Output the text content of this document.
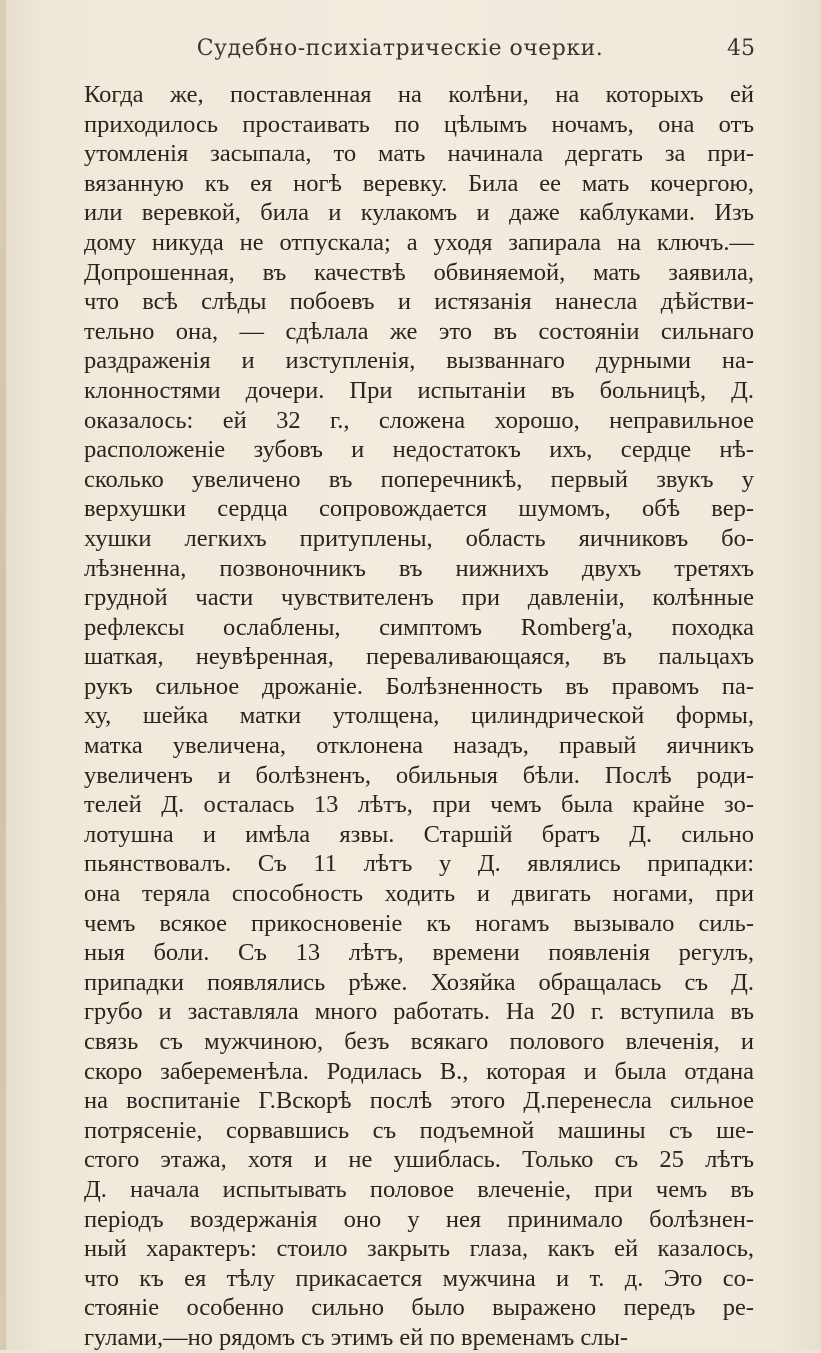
Судебно-психіатрическіе очерки.	45
Когда же, поставленная на колѣни, на которыхъ ей
приходилось простаивать по цѣлымъ ночамъ, она отъ
утомленія засыпала, то мать начинала дергать за при-
вязанную къ ея ногѣ веревку. Била ее мать кочергою,
или веревкой, била и кулакомъ и даже каблуками. Изъ
дому никуда не отпускала; а уходя запирала на ключъ.—
Допрошенная, въ качествѣ обвиняемой, мать заявила,
что всѣ слѣды побоевъ и истязанія нанесла дѣйстви-
тельно она, — сдѣлала же это въ состояніи сильнаго
раздраженія и изступленія, вызваннаго дурными на-
клонностями дочери. При испытаніи въ больницѣ, Д.
оказалось: ей 32 г., сложена хорошо, неправильное
расположеніе зубовъ и недостатокъ ихъ, сердце нѣ-
сколько увеличено въ поперечникѣ, первый звукъ у
верхушки сердца сопровождается шумомъ, обѣ вер-
хушки легкихъ притуплены, область яичниковъ бо-
лѣзненна, позвоночникъ въ нижнихъ двухъ третяхъ
грудной части чувствителенъ при давленіи, колѣнные
рефлексы ослаблены, симптомъ Romberg'а, походка
шаткая, неувѣренная, переваливающаяся, въ пальцахъ
рукъ сильное дрожаніе. Болѣзненность въ правомъ па-
ху, шейка матки утолщена, цилиндрической формы,
матка увеличена, отклонена назадъ, правый яичникъ
увеличенъ и болѣзненъ, обильныя бѣли. Послѣ роди-
телей Д. осталась 13 лѣтъ, при чемъ была крайне зо-
лотушна и имѣла язвы. Старшій братъ Д. сильно
пьянствовалъ. Съ 11 лѣтъ у Д. являлись припадки:
она теряла способность ходить и двигать ногами, при
чемъ всякое прикосновеніе къ ногамъ вызывало силь-
ныя боли. Съ 13 лѣтъ, времени появленія регулъ,
припадки появлялись рѣже. Хозяйка обращалась съ Д.
грубо и заставляла много работать. На 20 г. вступила въ
связь съ мужчиною, безъ всякаго полового влеченія, и
скоро забеременѣла. Родилась В., которая и была отдана
на воспитаніе Г.Вскорѣ послѣ этого Д.перенесла сильное
потрясеніе, сорвавшись съ подъемной машины съ ше-
стого этажа, хотя и не ушиблась. Только съ 25 лѣтъ
Д. начала испытывать половое влеченіе, при чемъ въ
періодъ воздержанія оно у нея принимало болѣзнен-
ный характеръ: стоило закрыть глаза, какъ ей казалось,
что къ ея тѣлу прикасается мужчина и т. д. Это со-
стояніе особенно сильно было выражено передъ ре-
гулами,—но рядомъ съ этимъ ей по временамъ слы-
